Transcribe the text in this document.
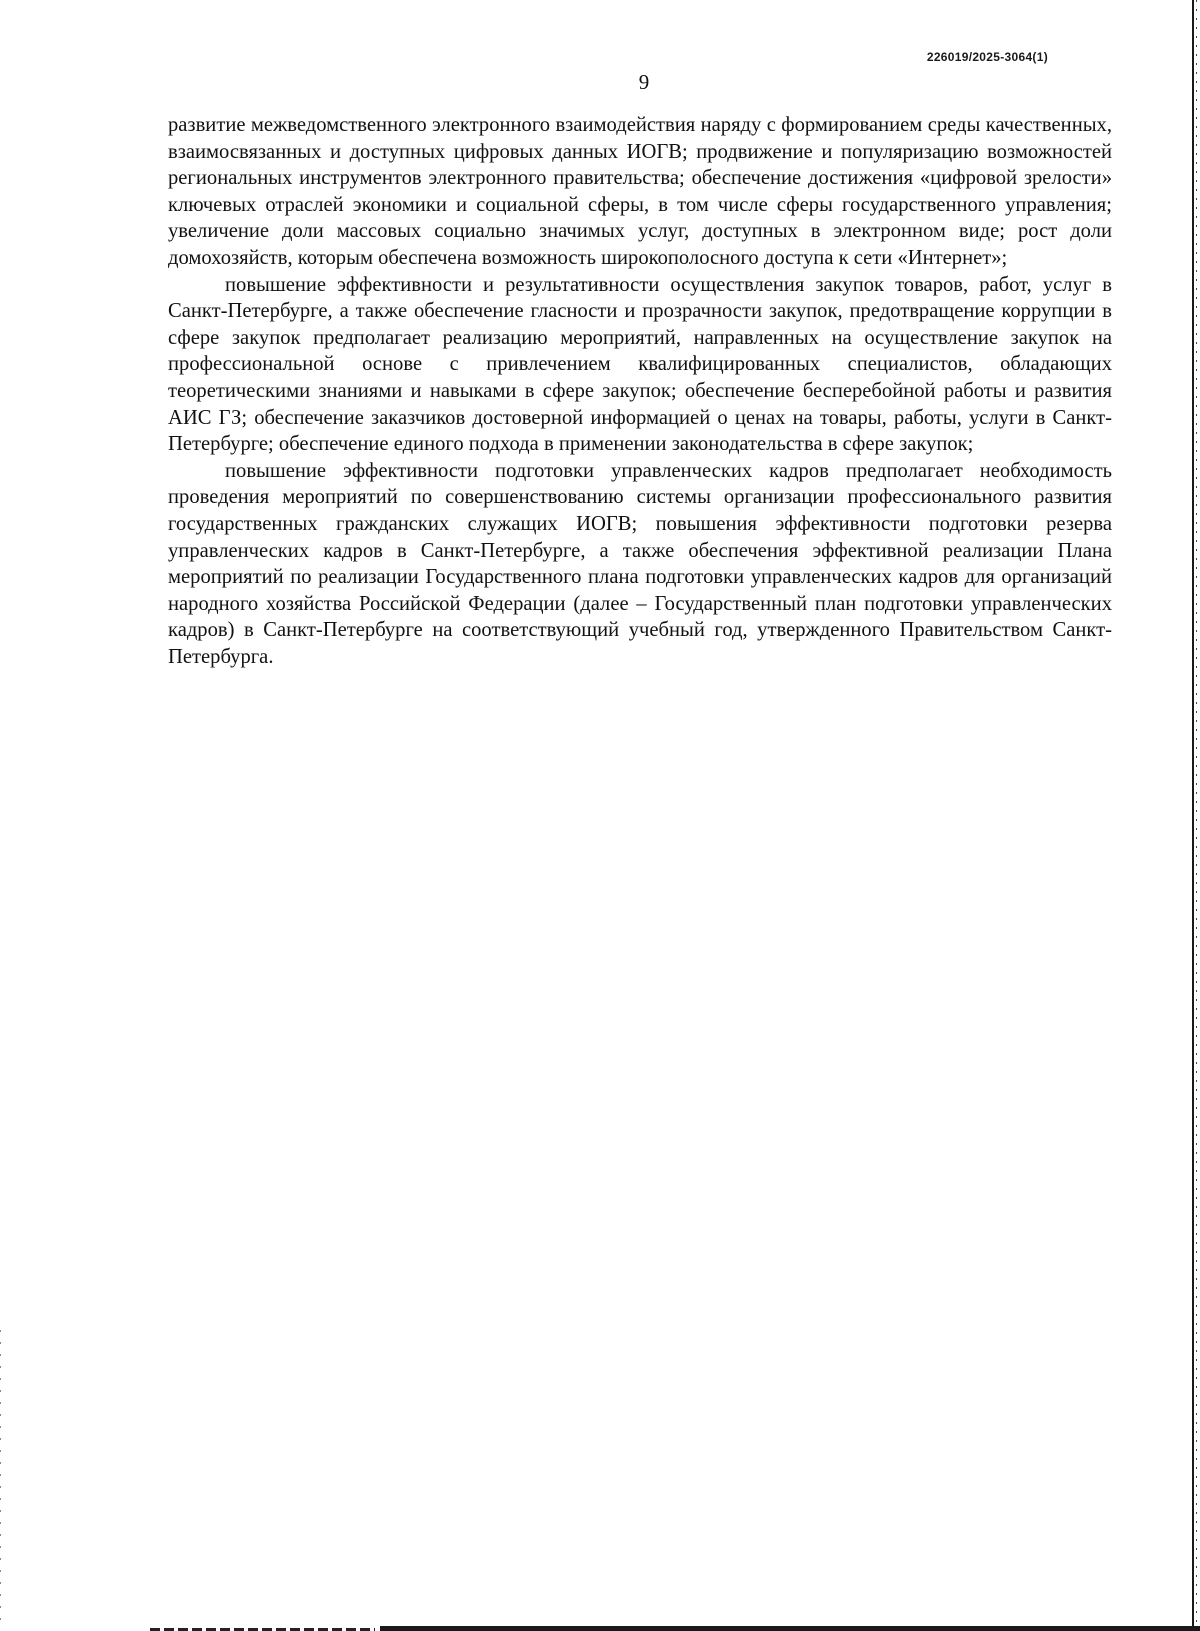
226019/2025-3064(1)
9

развитие межведомственного электронного взаимодействия наряду с формированием среды качественных, взаимосвязанных и доступных цифровых данных ИОГВ; продвижение и популяризацию возможностей региональных инструментов электронного правительства; обеспечение достижения «цифровой зрелости» ключевых отраслей экономики и социальной сферы, в том числе сферы государственного управления; увеличение доли массовых социально значимых услуг, доступных в электронном виде; рост доли домохозяйств, которым обеспечена возможность широкополосного доступа к сети «Интернет»;

повышение эффективности и результативности осуществления закупок товаров, работ, услуг в Санкт-Петербурге, а также обеспечение гласности и прозрачности закупок, предотвращение коррупции в сфере закупок предполагает реализацию мероприятий, направленных на осуществление закупок на профессиональной основе с привлечением квалифицированных специалистов, обладающих теоретическими знаниями и навыками в сфере закупок; обеспечение бесперебойной работы и развития АИС ГЗ; обеспечение заказчиков достоверной информацией о ценах на товары, работы, услуги в Санкт-Петербурге; обеспечение единого подхода в применении законодательства в сфере закупок;

повышение эффективности подготовки управленческих кадров предполагает необходимость проведения мероприятий по совершенствованию системы организации профессионального развития государственных гражданских служащих ИОГВ; повышения эффективности подготовки резерва управленческих кадров в Санкт-Петербурге, а также обеспечения эффективной реализации Плана мероприятий по реализации Государственного плана подготовки управленческих кадров для организаций народного хозяйства Российской Федерации (далее – Государственный план подготовки управленческих кадров) в Санкт-Петербурге на соответствующий учебный год, утвержденного Правительством Санкт-Петербурга.
